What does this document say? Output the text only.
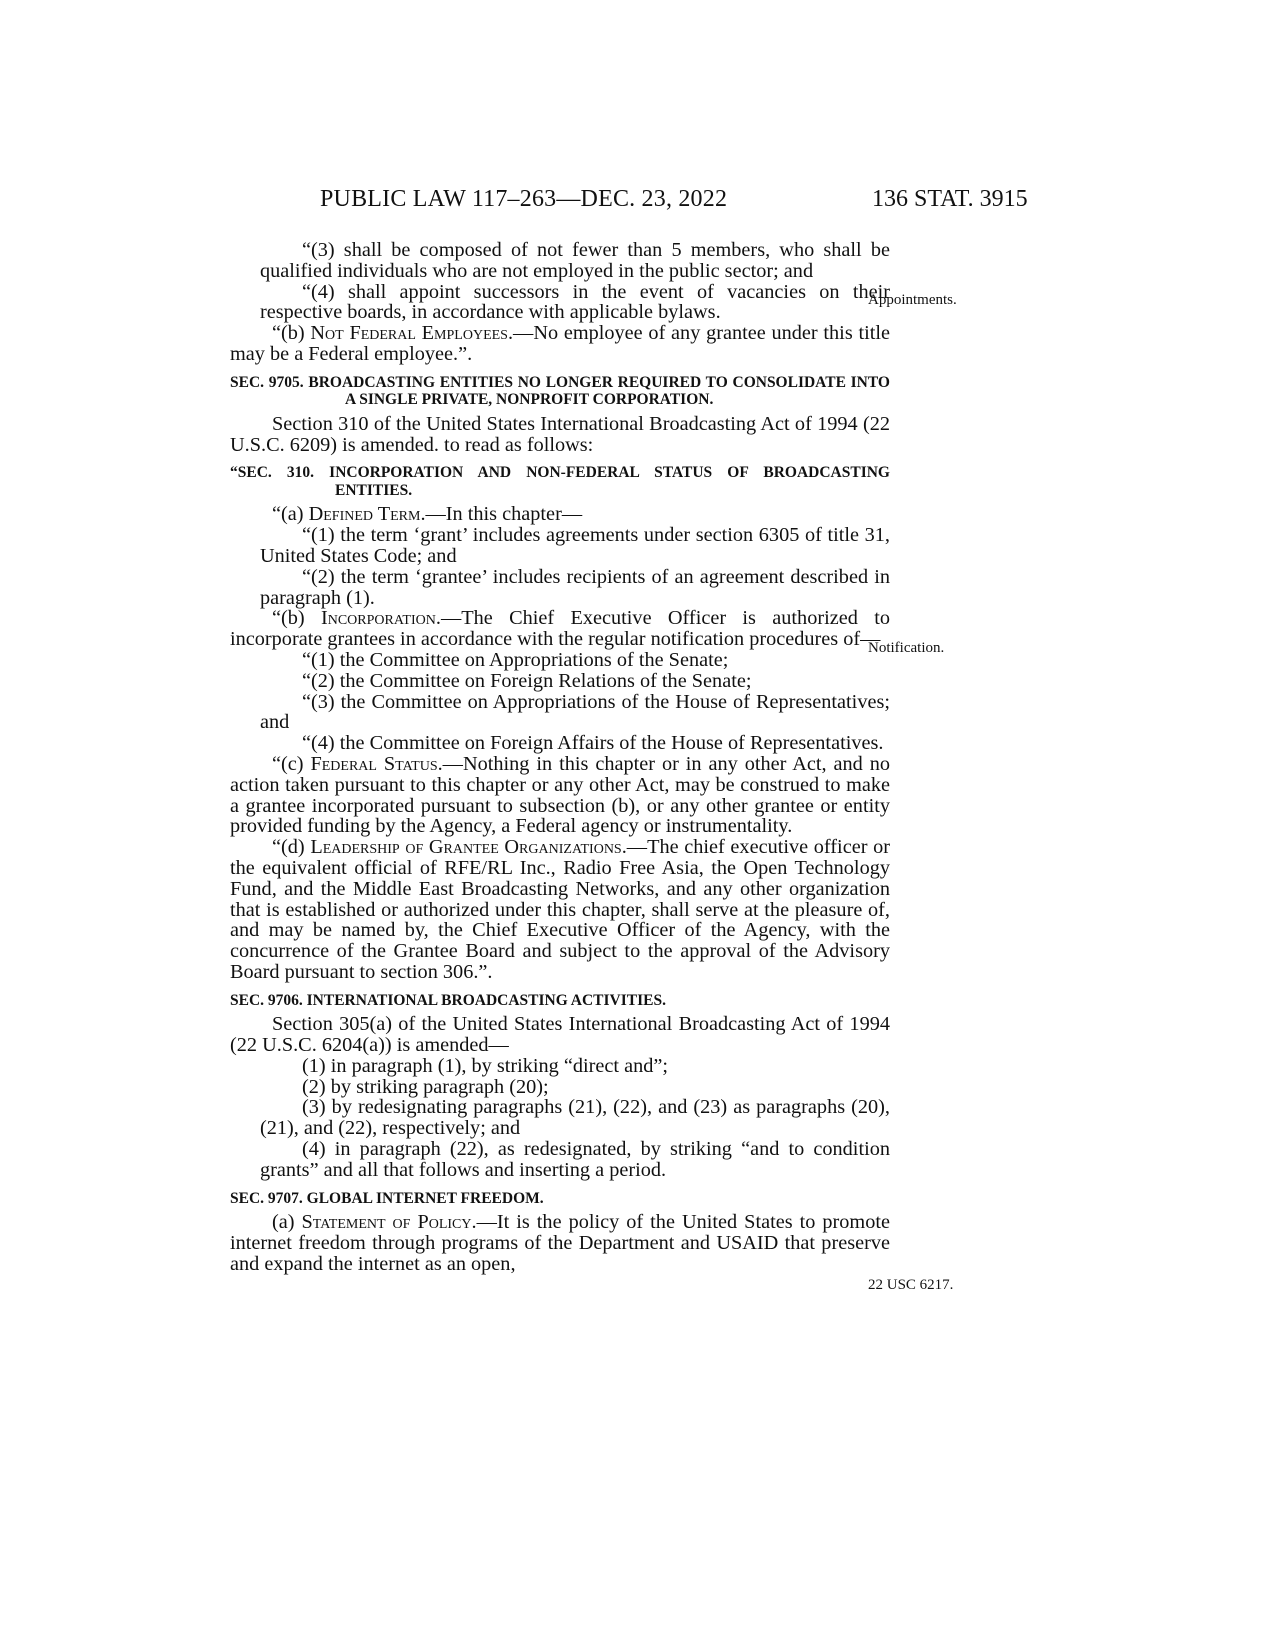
PUBLIC LAW 117–263—DEC. 23, 2022	136 STAT. 3915
Appointments.
Notification.
22 USC 6217.

“(3) shall be composed of not fewer than 5 members, who shall be qualified individuals who are not employed in the public sector; and

“(4) shall appoint successors in the event of vacancies on their respective boards, in accordance with applicable bylaws.

“(b) Not Federal Employees.—No employee of any grantee under this title may be a Federal employee.”.

SEC. 9705. BROADCASTING ENTITIES NO LONGER REQUIRED TO CONSOLIDATE INTO A SINGLE PRIVATE, NONPROFIT CORPORATION.

Section 310 of the United States International Broadcasting Act of 1994 (22 U.S.C. 6209) is amended. to read as follows:

“SEC. 310. INCORPORATION AND NON-FEDERAL STATUS OF BROADCASTING ENTITIES.

“(a) Defined Term.—In this chapter—

“(1) the term ‘grant’ includes agreements under section 6305 of title 31, United States Code; and

“(2) the term ‘grantee’ includes recipients of an agreement described in paragraph (1).

“(b) Incorporation.—The Chief Executive Officer is authorized to incorporate grantees in accordance with the regular notification procedures of—

“(1) the Committee on Appropriations of the Senate;

“(2) the Committee on Foreign Relations of the Senate;

“(3) the Committee on Appropriations of the House of Representatives; and

“(4) the Committee on Foreign Affairs of the House of Representatives.

“(c) Federal Status.—Nothing in this chapter or in any other Act, and no action taken pursuant to this chapter or any other Act, may be construed to make a grantee incorporated pursuant to subsection (b), or any other grantee or entity provided funding by the Agency, a Federal agency or instrumentality.

“(d) Leadership of Grantee Organizations.—The chief executive officer or the equivalent official of RFE/RL Inc., Radio Free Asia, the Open Technology Fund, and the Middle East Broadcasting Networks, and any other organization that is established or authorized under this chapter, shall serve at the pleasure of, and may be named by, the Chief Executive Officer of the Agency, with the concurrence of the Grantee Board and subject to the approval of the Advisory Board pursuant to section 306.”.

SEC. 9706. INTERNATIONAL BROADCASTING ACTIVITIES.

Section 305(a) of the United States International Broadcasting Act of 1994 (22 U.S.C. 6204(a)) is amended—

(1) in paragraph (1), by striking “direct and”;

(2) by striking paragraph (20);

(3) by redesignating paragraphs (21), (22), and (23) as paragraphs (20), (21), and (22), respectively; and

(4) in paragraph (22), as redesignated, by striking “and to condition grants” and all that follows and inserting a period.

SEC. 9707. GLOBAL INTERNET FREEDOM.

(a) Statement of Policy.—It is the policy of the United States to promote internet freedom through programs of the Department and USAID that preserve and expand the internet as an open,
